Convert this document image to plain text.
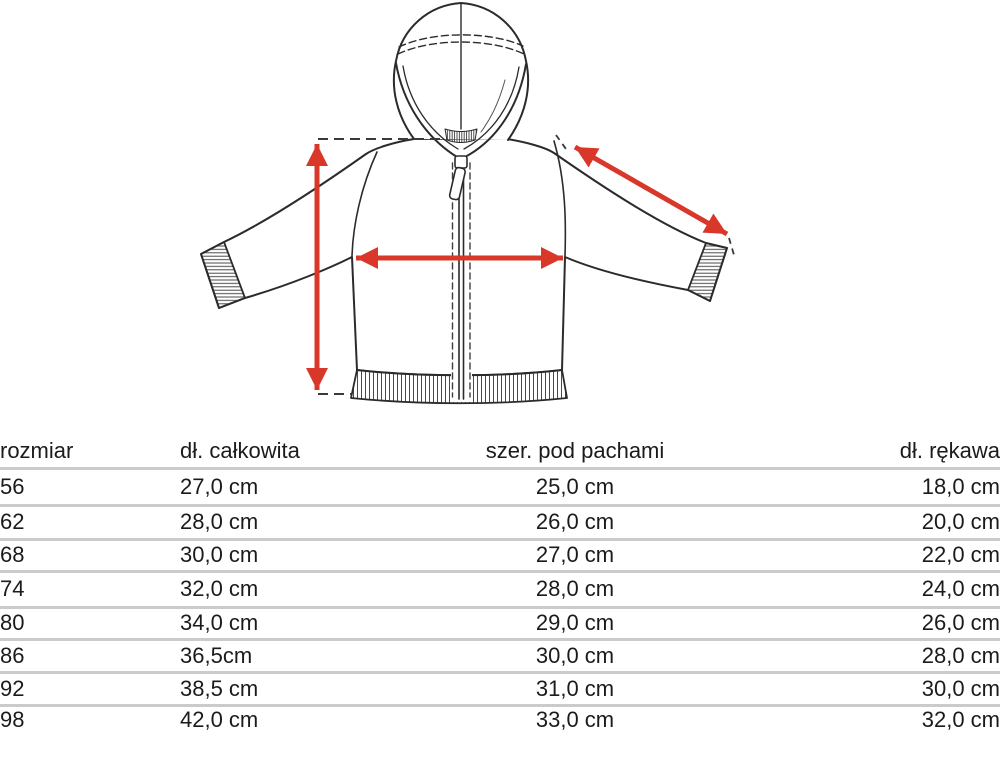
rozmiar	dł. całkowita	szer. pod pachami	dł. rękawa
56	27,0 cm	25,0 cm	18,0 cm
62	28,0 cm	26,0 cm	20,0 cm
68	30,0 cm	27,0 cm	22,0 cm
74	32,0 cm	28,0 cm	24,0 cm
80	34,0 cm	29,0 cm	26,0 cm
86	36,5cm	30,0 cm	28,0 cm
92	38,5 cm	31,0 cm	30,0 cm
98	42,0 cm	33,0 cm	32,0 cm
